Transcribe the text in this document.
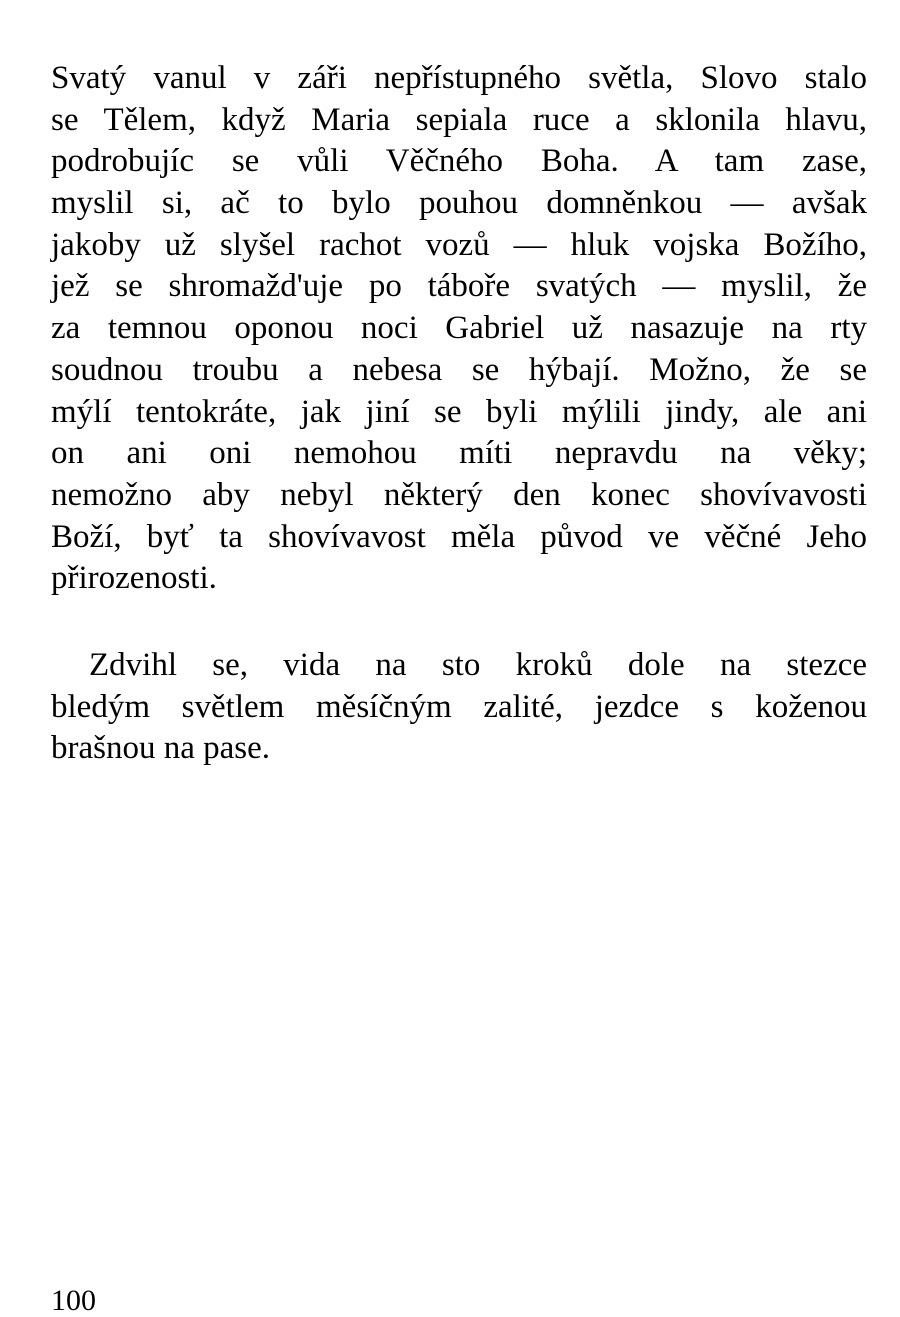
Svatý vanul v záři nepřístupného světla, Slovo stalo
se Tělem, když Maria sepiala ruce a sklonila hlavu,
podrobujíc se vůli Věčného Boha. A tam zase,
myslil si, ač to bylo pouhou domněnkou — avšak
jakoby už slyšel rachot vozů — hluk vojska Božího,
jež se shromažd'uje po táboře svatých — myslil, že
za temnou oponou noci Gabriel už nasazuje na rty
soudnou troubu a nebesa se hýbají. Možno, že se
mýlí tentokráte, jak jiní se byli mýlili jindy, ale ani
on ani oni nemohou míti nepravdu na věky;
nemožno aby nebyl některý den konec shovívavosti
Boží, byť ta shovívavost měla původ ve věčné Jeho
přirozenosti.
Zdvihl se, vida na sto kroků dole na stezce
bledým světlem měsíčným zalité, jezdce s koženou
brašnou na pase.
100
